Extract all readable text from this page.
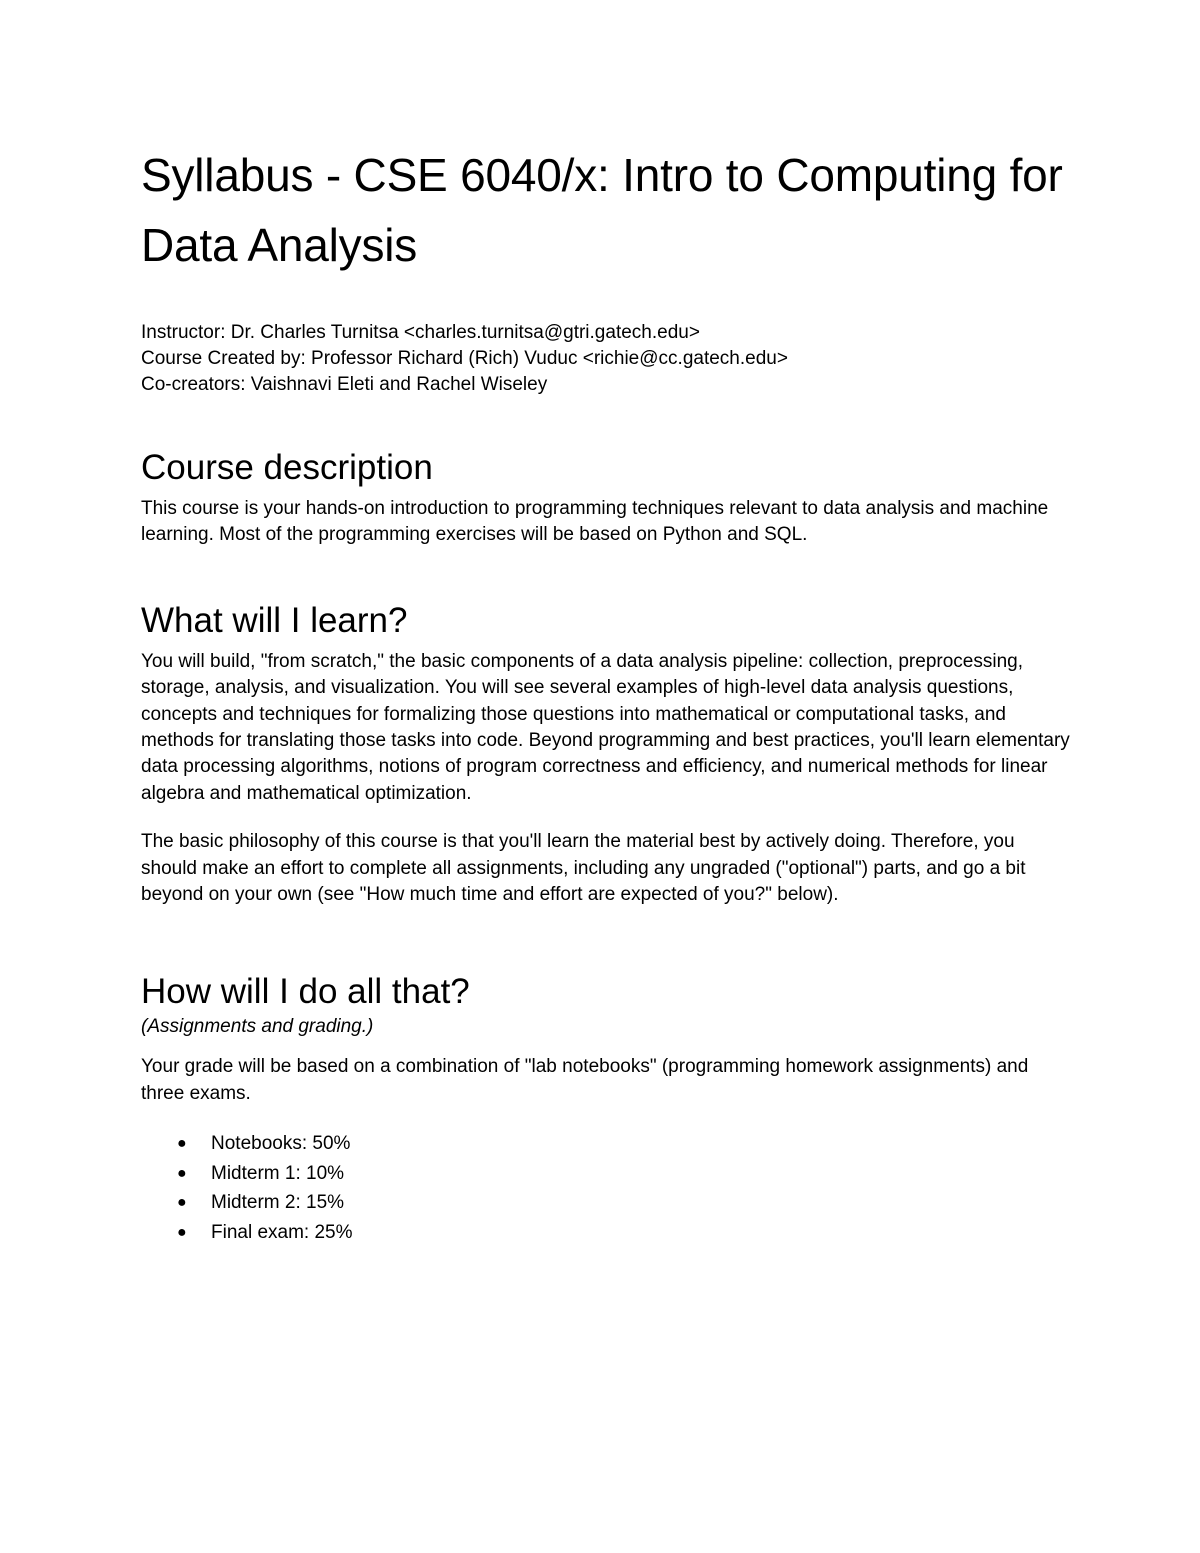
Syllabus - CSE 6040/x: Intro to Computing for Data Analysis
Instructor: Dr. Charles Turnitsa <charles.turnitsa@gtri.gatech.edu>
Course Created by: Professor Richard (Rich) Vuduc <richie@cc.gatech.edu>
Co-creators: Vaishnavi Eleti and Rachel Wiseley
Course description

This course is your hands-on introduction to programming techniques relevant to data analysis and machine learning. Most of the programming exercises will be based on Python and SQL.

What will I learn?

You will build, "from scratch," the basic components of a data analysis pipeline: collection, preprocessing, storage, analysis, and visualization. You will see several examples of high-level data analysis questions, concepts and techniques for formalizing those questions into mathematical or computational tasks, and methods for translating those tasks into code. Beyond programming and best practices, you'll learn elementary data processing algorithms, notions of program correctness and efficiency, and numerical methods for linear algebra and mathematical optimization.

The basic philosophy of this course is that you'll learn the material best by actively doing. Therefore, you should make an effort to complete all assignments, including any ungraded ("optional") parts, and go a bit beyond on your own (see "How much time and effort are expected of you?" below).

How will I do all that?
(Assignments and grading.)

Your grade will be based on a combination of "lab notebooks" (programming homework assignments) and three exams.

● Notebooks: 50%
● Midterm 1: 10%
● Midterm 2: 15%
● Final exam: 25%
